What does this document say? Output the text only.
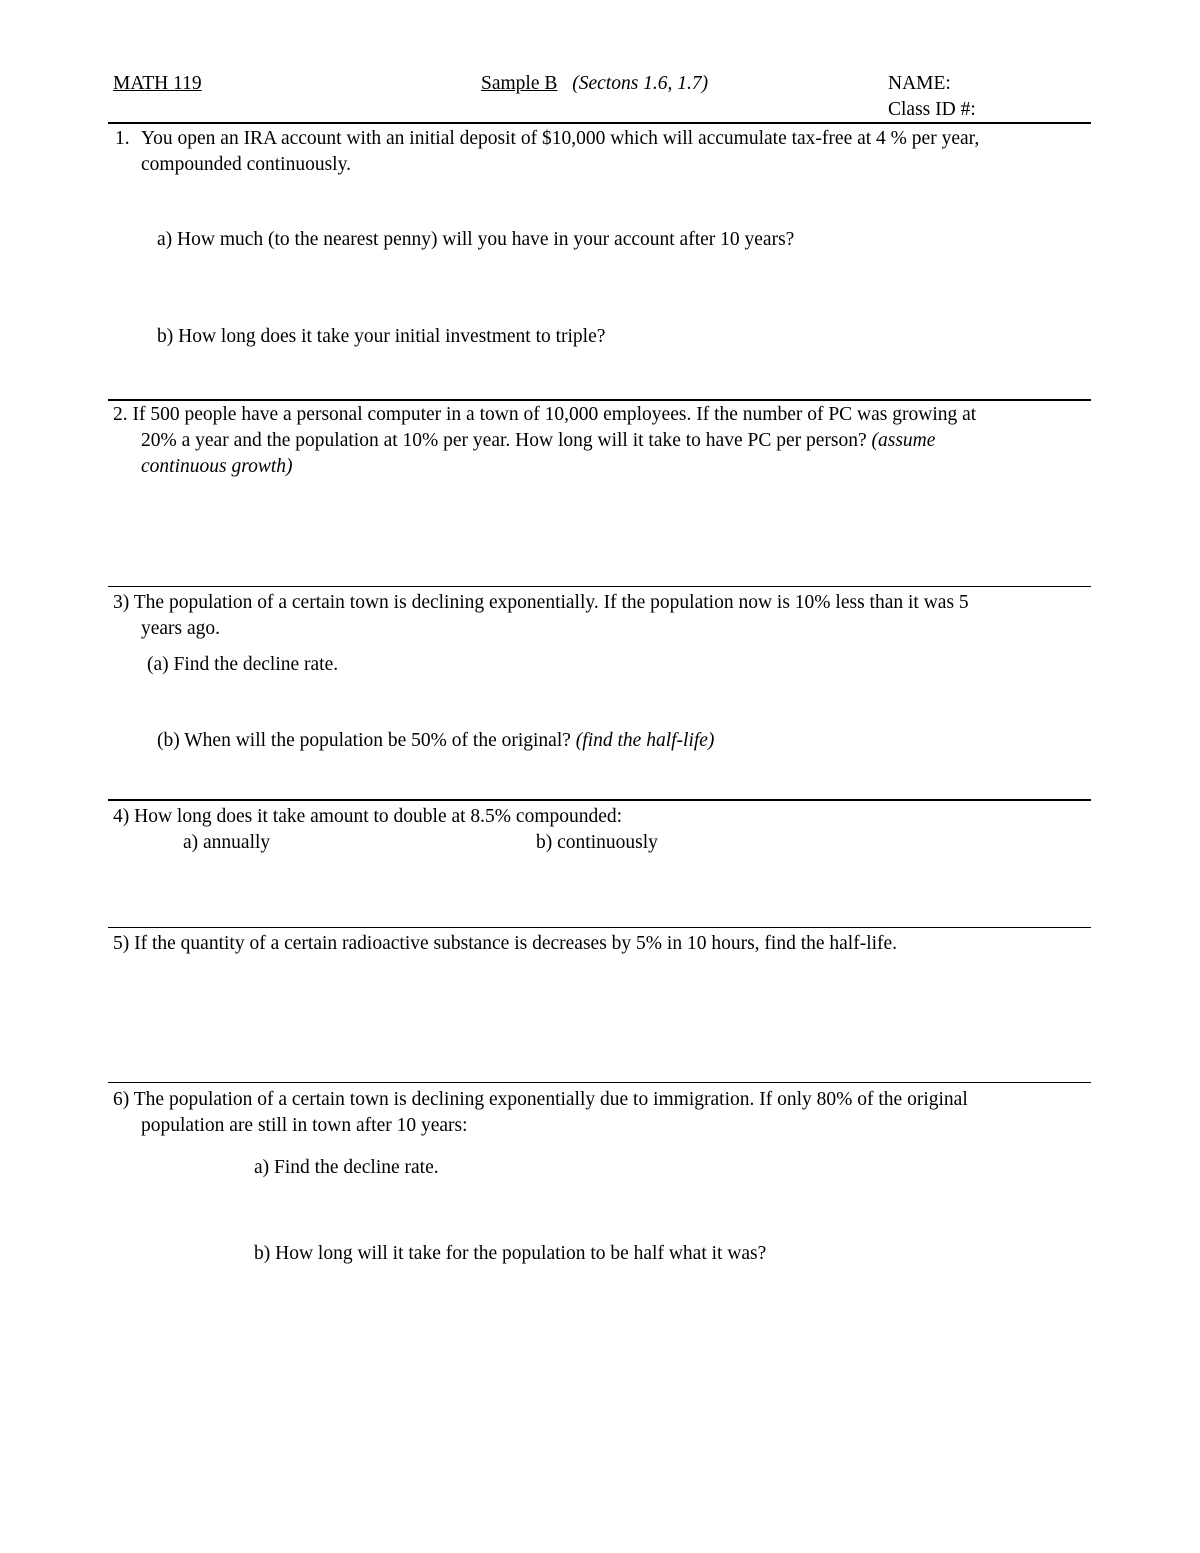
MATH 119	Sample B (Sectons 1.6, 1.7)	NAME:
Class ID #:
1. You open an IRA account with an initial deposit of $10,000 which will accumulate tax-free at 4 % per year,
compounded continuously.
a) How much (to the nearest penny) will you have in your account after 10 years?
b) How long does it take your initial investment to triple?
2. If 500 people have a personal computer in a town of 10,000 employees. If the number of PC was growing at
20% a year and the population at 10% per year. How long will it take to have PC per person? (assume
continuous growth)
3) The population of a certain town is declining exponentially. If the population now is 10% less than it was 5
years ago.
(a) Find the decline rate.
(b) When will the population be 50% of the original? (find the half-life)
4) How long does it take amount to double at 8.5% compounded:
a) annually	b) continuously
5) If the quantity of a certain radioactive substance is decreases by 5% in 10 hours, find the half-life.
6) The population of a certain town is declining exponentially due to immigration. If only 80% of the original
population are still in town after 10 years:
a) Find the decline rate.
b) How long will it take for the population to be half what it was?
